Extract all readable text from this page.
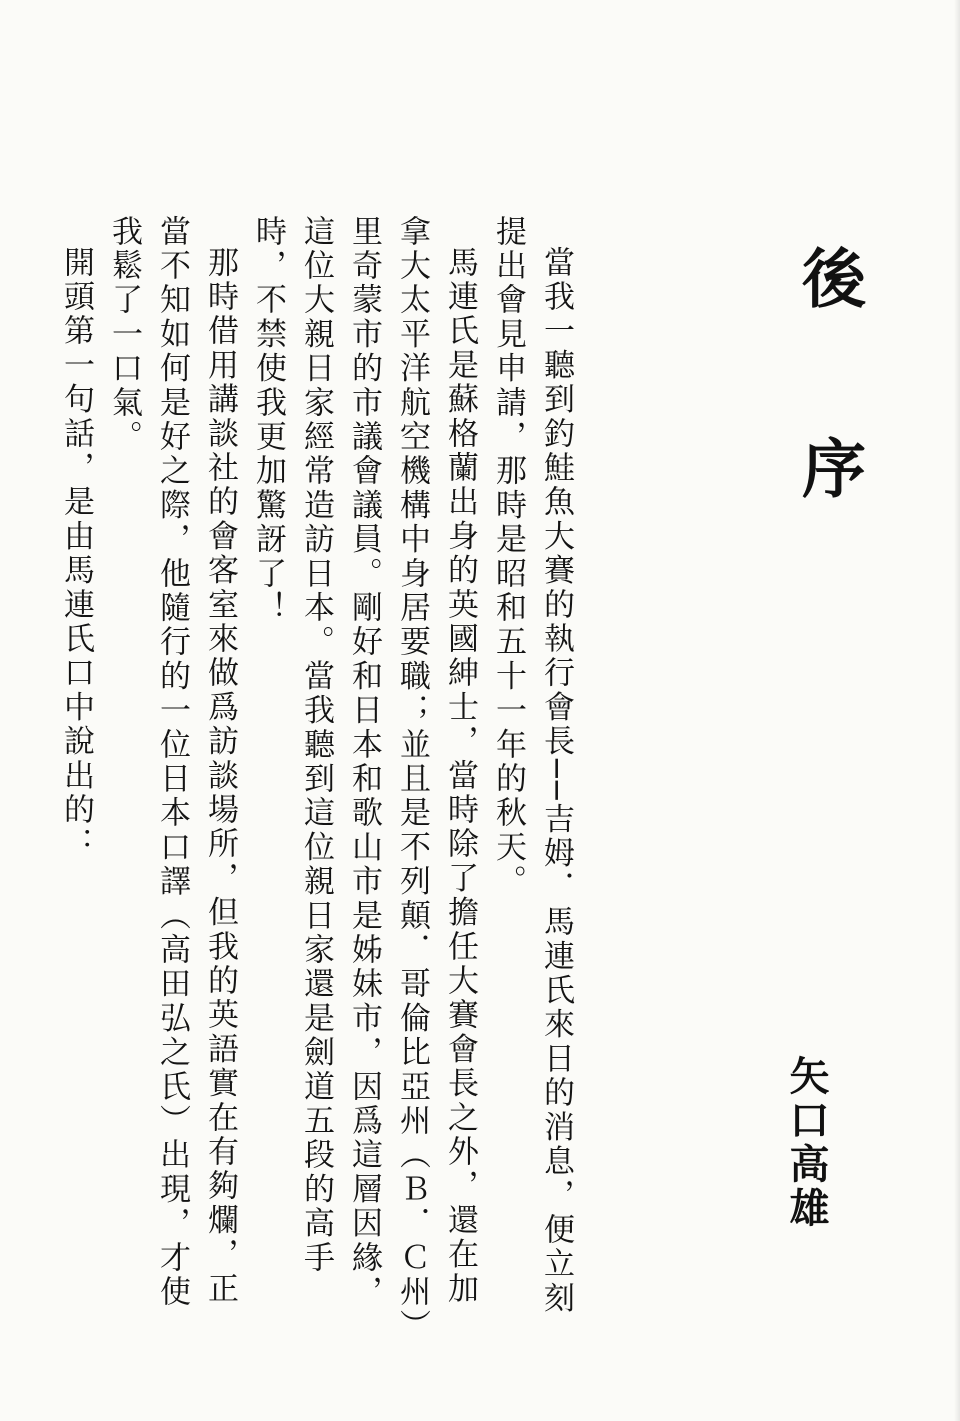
後 序
矢口高雄

當我一聽到釣鮭魚大賽的執行會長──吉姆．馬連氏來日的消息，便立刻提出會見申請，那時是昭和五十一年的秋天。

馬連氏是蘇格蘭出身的英國紳士，當時除了擔任大賽會長之外，還在加拿大太平洋航空機構中身居要職；並且是不列顛．哥倫比亞州（Ｂ．Ｃ州）里奇蒙市的市議會議員。剛好和日本和歌山市是姊妹市，因爲這層因緣，這位大親日家經常造訪日本。當我聽到這位親日家還是劍道五段的高手時，不禁使我更加驚訝了！

那時借用講談社的會客室來做爲訪談場所，但我的英語實在有夠爛，正當不知如何是好之際，他隨行的一位日本口譯（高田弘之氏）出現，才使我鬆了一口氣。

開頭第一句話，是由馬連氏口中說出的：
